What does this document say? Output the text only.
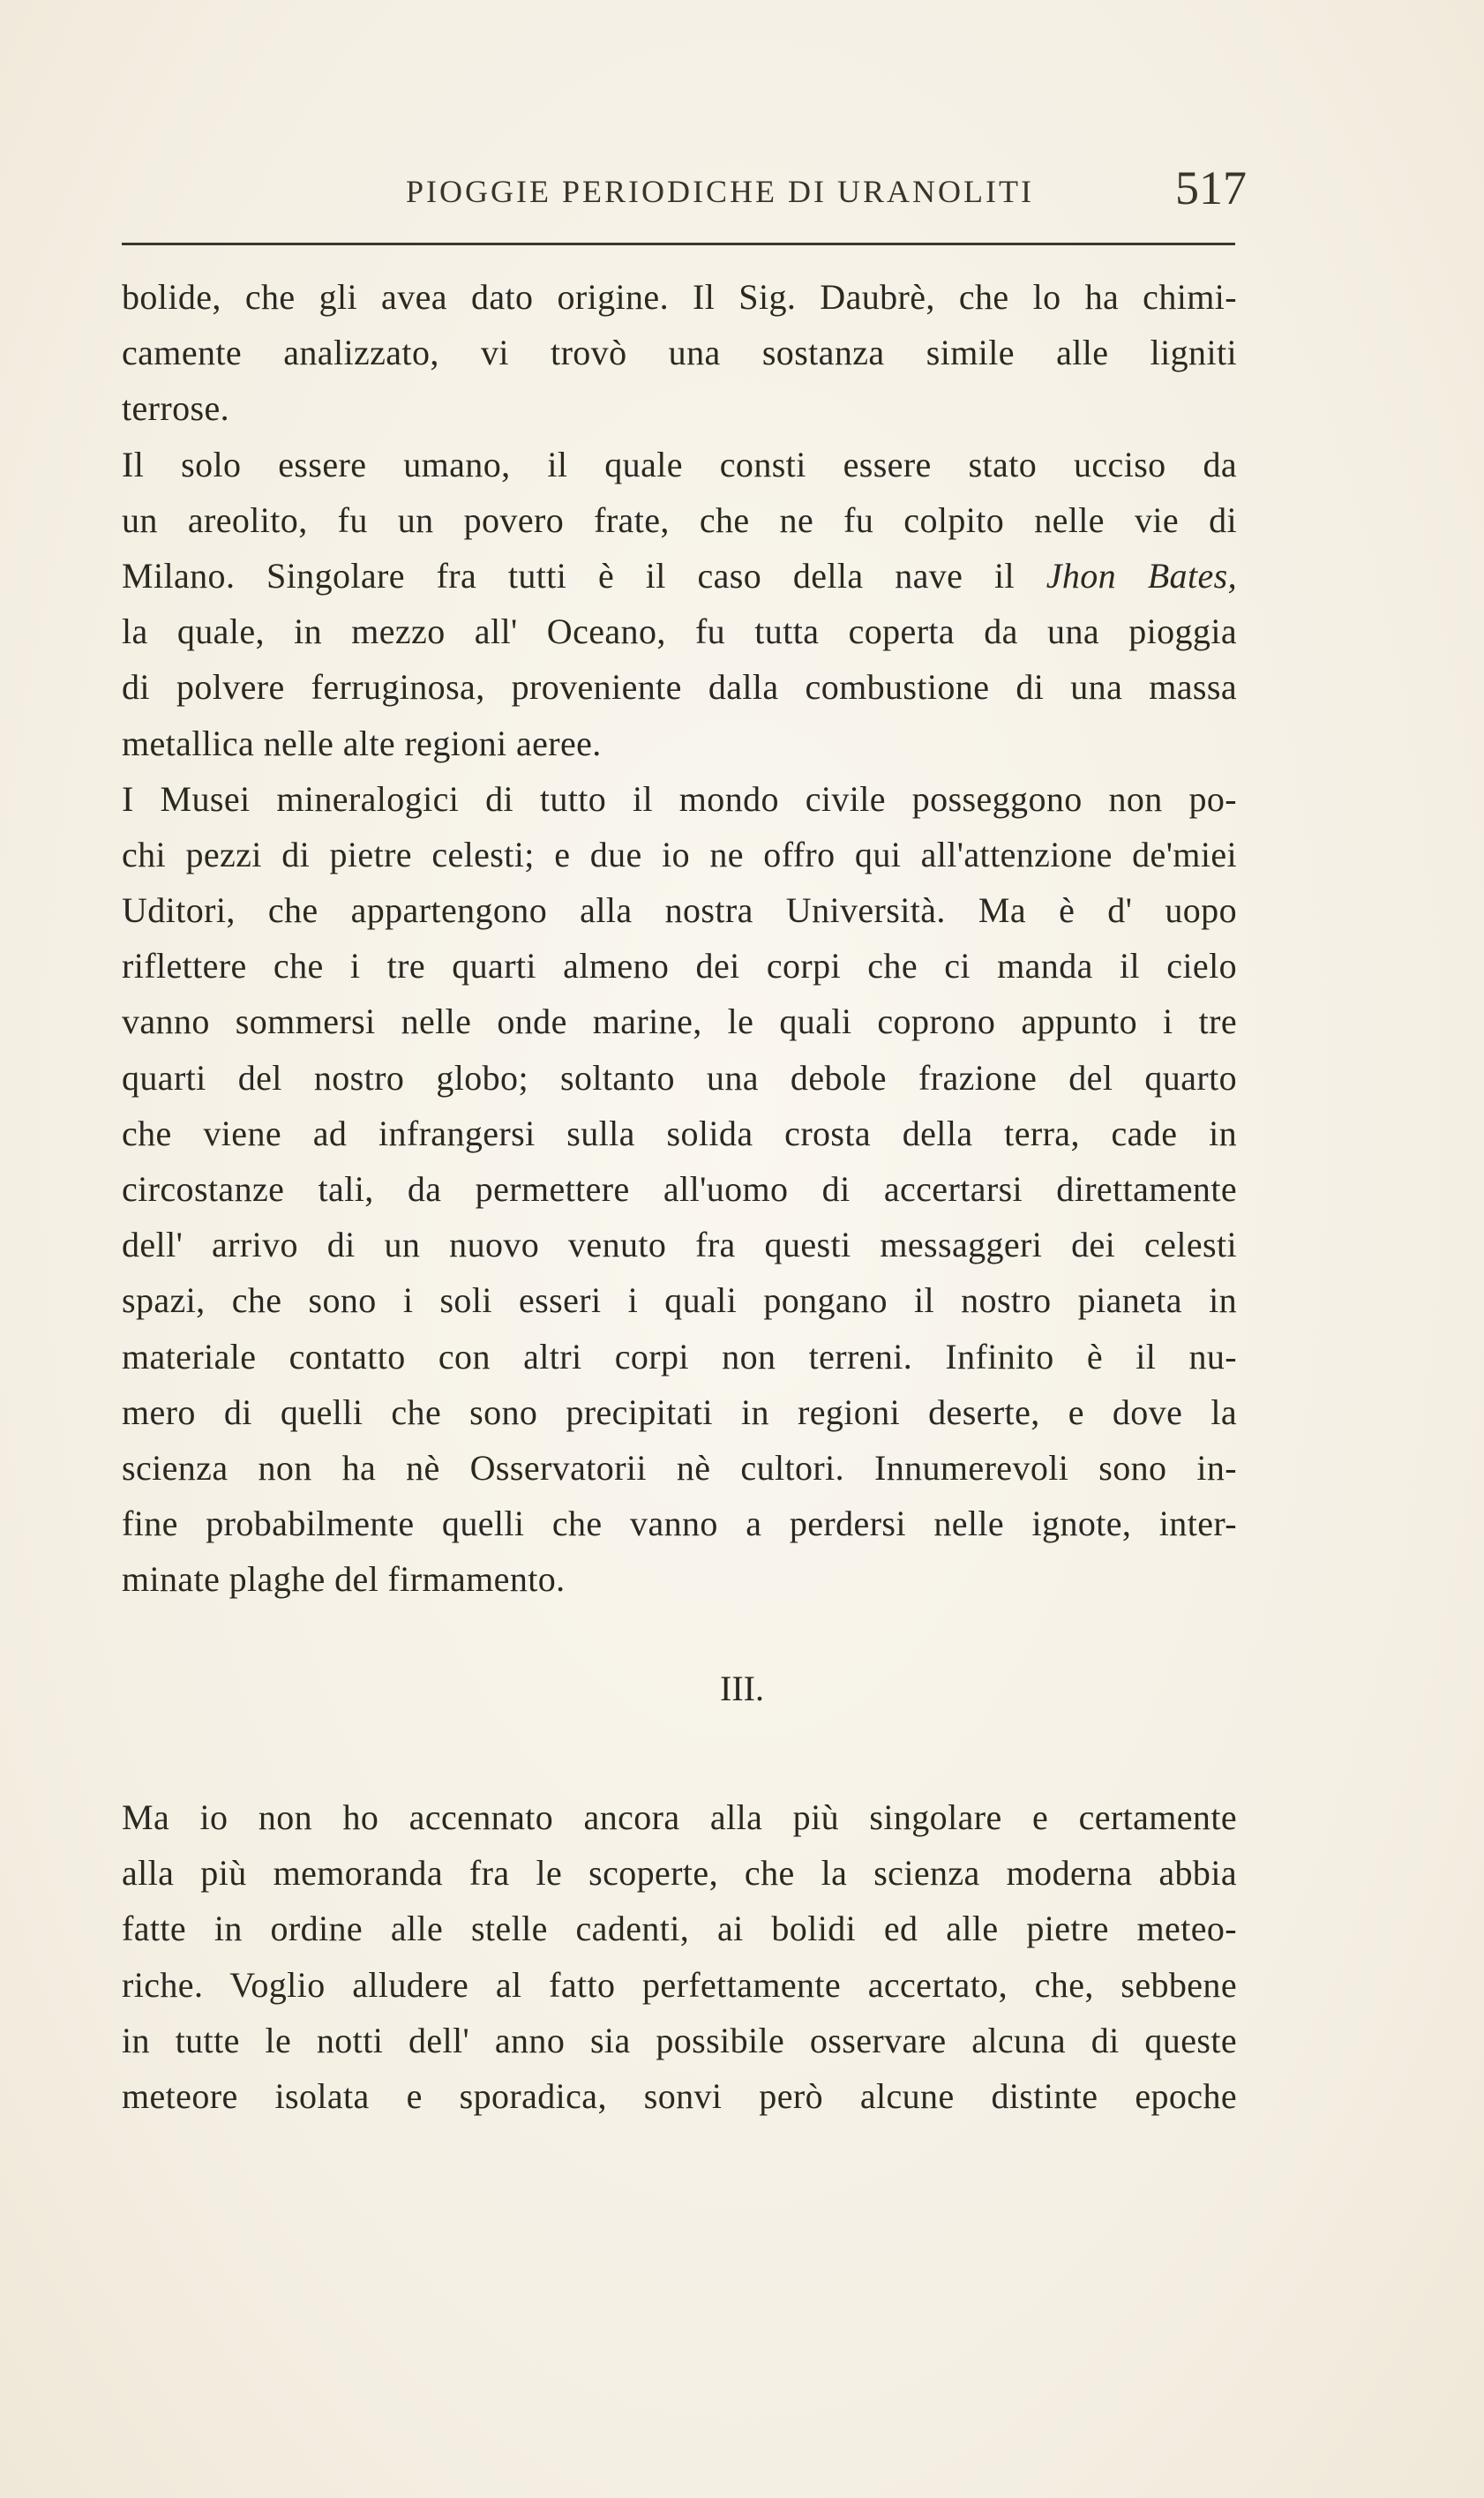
PIOGGIE PERIODICHE DI URANOLITI	517
bolide, che gli avea dato origine. Il Sig. Daubrè, che lo ha chimi-
camente analizzato, vi trovò una sostanza simile alle ligniti
terrose.
Il solo essere umano, il quale consti essere stato ucciso da
un areolito, fu un povero frate, che ne fu colpito nelle vie di
Milano. Singolare fra tutti è il caso della nave il Jhon Bates,
la quale, in mezzo all' Oceano, fu tutta coperta da una pioggia
di polvere ferruginosa, proveniente dalla combustione di una massa
metallica nelle alte regioni aeree.
I Musei mineralogici di tutto il mondo civile posseggono non po-
chi pezzi di pietre celesti; e due io ne offro qui all'attenzione de'miei
Uditori, che appartengono alla nostra Università. Ma è d' uopo
riflettere che i tre quarti almeno dei corpi che ci manda il cielo
vanno sommersi nelle onde marine, le quali coprono appunto i tre
quarti del nostro globo; soltanto una debole frazione del quarto
che viene ad infrangersi sulla solida crosta della terra, cade in
circostanze tali, da permettere all'uomo di accertarsi direttamente
dell' arrivo di un nuovo venuto fra questi messaggeri dei celesti
spazi, che sono i soli esseri i quali pongano il nostro pianeta in
materiale contatto con altri corpi non terreni. Infinito è il nu-
mero di quelli che sono precipitati in regioni deserte, e dove la
scienza non ha nè Osservatorii nè cultori. Innumerevoli sono in-
fine probabilmente quelli che vanno a perdersi nelle ignote, inter-
minate plaghe del firmamento.
III.
Ma io non ho accennato ancora alla più singolare e certamente
alla più memoranda fra le scoperte, che la scienza moderna abbia
fatte in ordine alle stelle cadenti, ai bolidi ed alle pietre meteo-
riche. Voglio alludere al fatto perfettamente accertato, che, sebbene
in tutte le notti dell' anno sia possibile osservare alcuna di queste
meteore isolata e sporadica, sonvi però alcune distinte epoche
